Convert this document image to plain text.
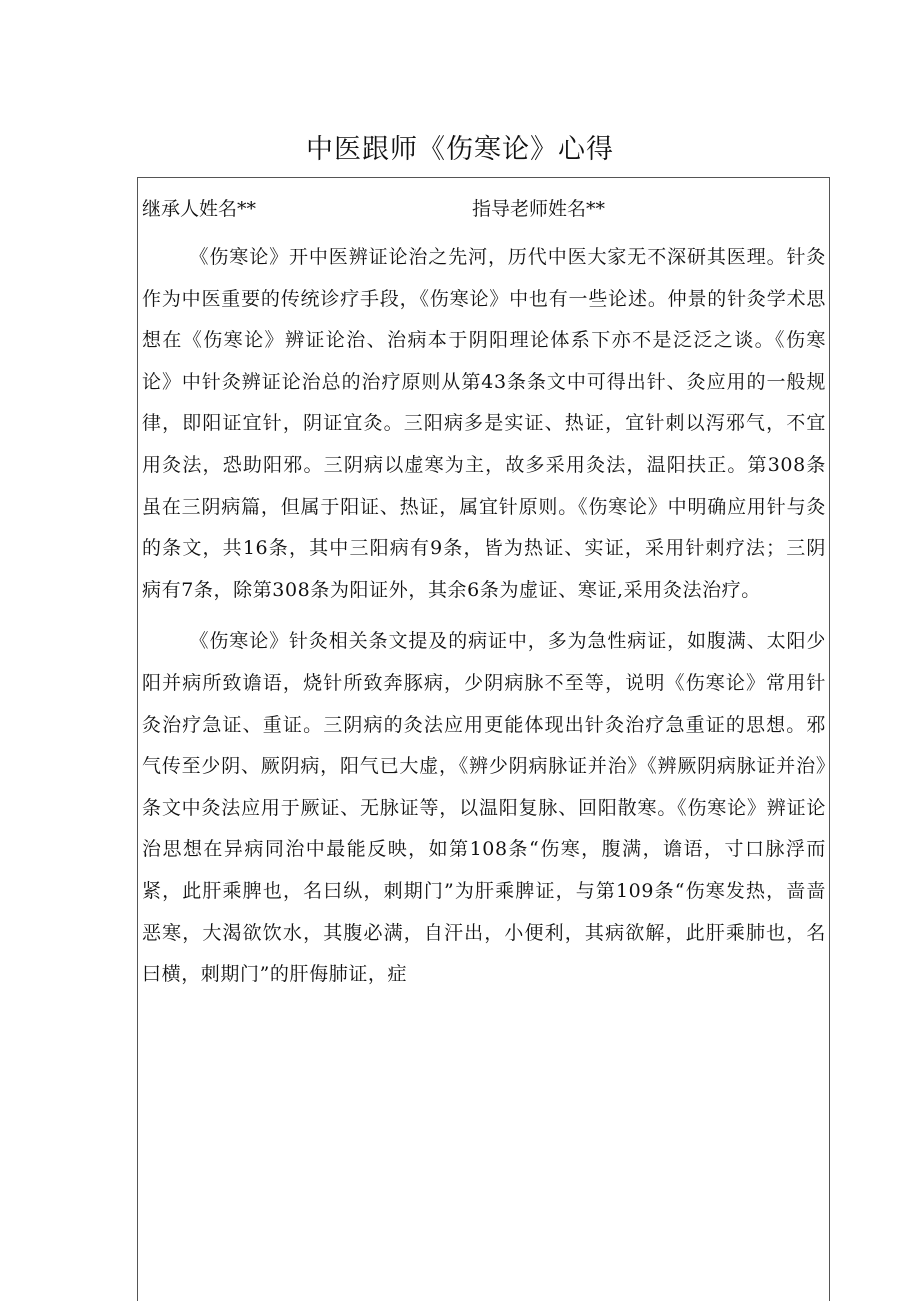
中医跟师《伤寒论》心得
继承人姓名**	指导老师姓名**

《伤寒论》开中医辨证论治之先河，历代中医大家无不深研其医理。针灸作为中医重要的传统诊疗手段，《伤寒论》中也有一些论述。仲景的针灸学术思想在《伤寒论》辨证论治、治病本于阴阳理论体系下亦不是泛泛之谈。《伤寒论》中针灸辨证论治总的治疗原则从第43条条文中可得出针、灸应用的一般规律，即阳证宜针，阴证宜灸。三阳病多是实证、热证，宜针刺以泻邪气，不宜用灸法，恐助阳邪。三阴病以虚寒为主，故多采用灸法，温阳扶正。第308条虽在三阴病篇，但属于阳证、热证，属宜针原则。《伤寒论》中明确应用针与灸的条文，共16条，其中三阳病有9条，皆为热证、实证，采用针刺疗法；三阴病有7条，除第308条为阳证外，其余6条为虚证、寒证,采用灸法治疗。

《伤寒论》针灸相关条文提及的病证中，多为急性病证，如腹满、太阳少阳并病所致谵语，烧针所致奔豚病，少阴病脉不至等，说明《伤寒论》常用针灸治疗急证、重证。三阴病的灸法应用更能体现出针灸治疗急重证的思想。邪气传至少阴、厥阴病，阳气已大虚，《辨少阴病脉证并治》《辨厥阴病脉证并治》条文中灸法应用于厥证、无脉证等，以温阳复脉、回阳散寒。《伤寒论》辨证论治思想在异病同治中最能反映，如第108条“伤寒，腹满，谵语，寸口脉浮而紧，此肝乘脾也，名曰纵，刺期门”为肝乘脾证，与第109条“伤寒发热，啬啬恶寒，大渴欲饮水，其腹必满，自汗出，小便利，其病欲解，此肝乘肺也，名曰横，刺期门”的肝侮肺证，症
